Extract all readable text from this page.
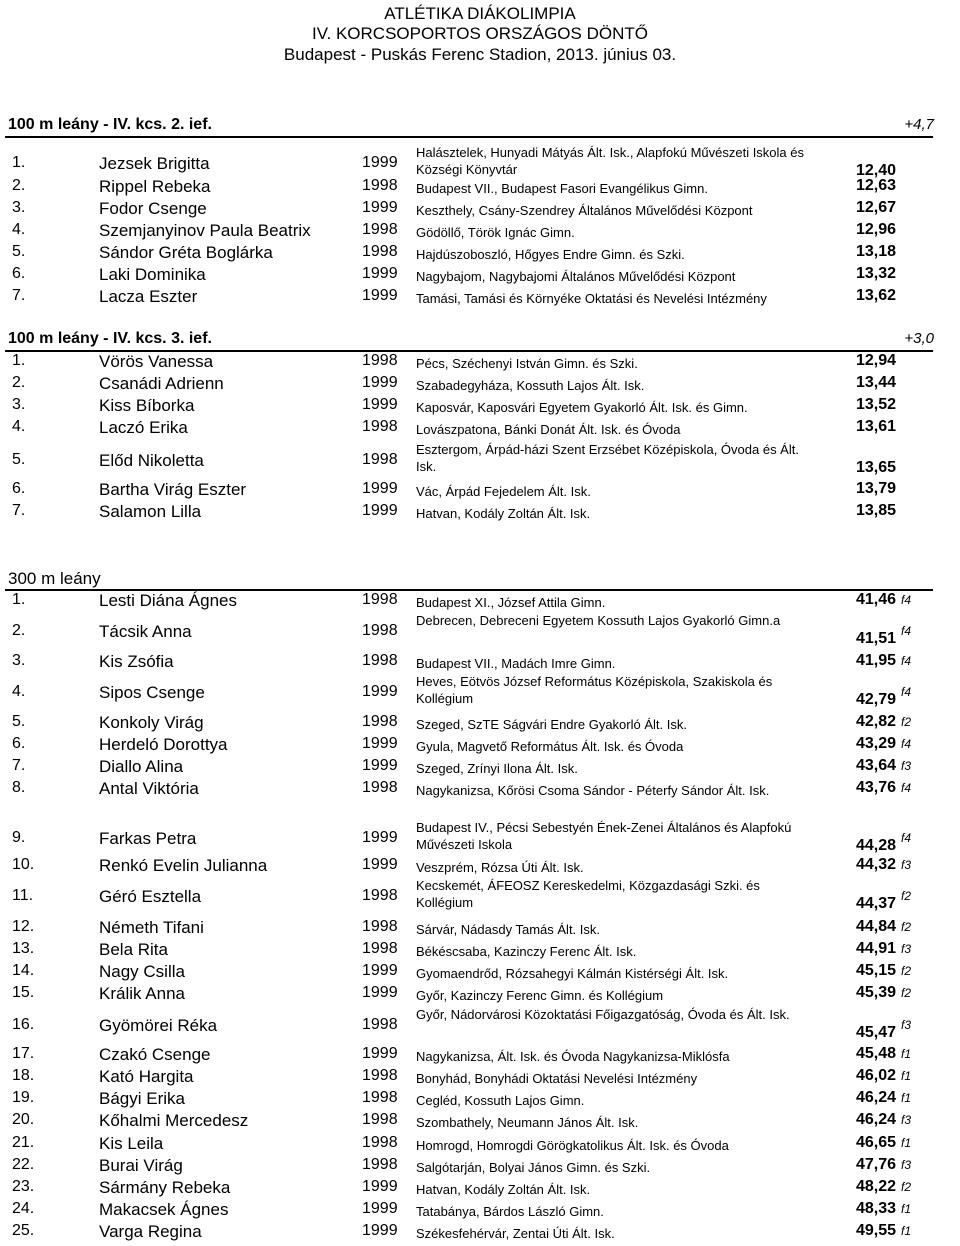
ATLÉTIKA DIÁKOLIMPIA
IV. KORCSOPORTOS ORSZÁGOS DÖNTŐ
Budapest - Puskás Ferenc Stadion, 2013. június 03.
100 m leány - IV. kcs. 2. ief.	+4,7
1.	Jezsek Brigitta	1999
Halásztelek, Hunyadi Mátyás Ált. Isk., Alapfokú Művészeti Iskola és Községi Könyvtár	12,40
2.	Rippel Rebeka	1998 Budapest VII., Budapest Fasori Evangélikus Gimn.	12,63
3.	Fodor Csenge	1999 Keszthely, Csány-Szendrey Általános Művelődési Központ	12,67
4.	Szemjanyinov Paula Beatrix	1998 Gödöllő, Török Ignác Gimn.	12,96
5.	Sándor Gréta Boglárka	1998 Hajdúszoboszló, Hőgyes Endre Gimn. és Szki.	13,18
6.	Laki Dominika	1999 Nagybajom, Nagybajomi Általános Művelődési Központ	13,32
7.	Lacza Eszter	1999 Tamási, Tamási és Környéke Oktatási és Nevelési Intézmény	13,62
100 m leány - IV. kcs. 3. ief.	+3,0
1.	Vörös Vanessa	1998 Pécs, Széchenyi István Gimn. és Szki.	12,94
2.	Csanádi Adrienn	1999 Szabadegyháza, Kossuth Lajos Ált. Isk.	13,44
3.	Kiss Bíborka	1999 Kaposvár, Kaposvári Egyetem Gyakorló Ált. Isk. és Gimn.	13,52
4.	Laczó Erika	1998 Lovászpatona, Bánki Donát Ált. Isk. és Óvoda	13,61
5.	Előd Nikoletta	1998
Esztergom, Árpád-házi Szent Erzsébet Középiskola, Óvoda és Ált. Isk.	13,65
6.	Bartha Virág Eszter	1999 Vác, Árpád Fejedelem Ált. Isk.	13,79
7.	Salamon Lilla	1999 Hatvan, Kodály Zoltán Ált. Isk.	13,85
300 m leány
1.	Lesti Diána Ágnes	1998 Budapest XI., József Attila Gimn.	41,46 f4
2.	Tácsik Anna	1998
Debrecen, Debreceni Egyetem Kossuth Lajos Gyakorló Gimn.a
41,51 f4
3.	Kis Zsófia	1998 Budapest VII., Madách Imre Gimn.	41,95 f4
4.	Sipos Csenge	1999
Heves, Eötvös József Református Középiskola, Szakiskola és Kollégium	42,79 f4
5.	Konkoly Virág	1998 Szeged, SzTE Ságvári Endre Gyakorló Ált. Isk.	42,82 f2
6.	Herdeló Dorottya	1999 Gyula, Magvető Református Ált. Isk. és Óvoda	43,29 f4
7.	Diallo Alina	1999 Szeged, Zrínyi Ilona Ált. Isk.	43,64 f3
8.	Antal Viktória	1998 Nagykanizsa, Kőrösi Csoma Sándor - Péterfy Sándor Ált. Isk.	43,76 f4
9.	Farkas Petra	1999
Budapest IV., Pécsi Sebestyén Ének-Zenei Általános és Alapfokú Művészeti Iskola	44,28 f4
10.	Renkó Evelin Julianna	1999 Veszprém, Rózsa Úti Ált. Isk.	44,32 f3
11.	Géró Esztella	1998
Kecskemét, ÁFEOSZ Kereskedelmi, Közgazdasági Szki. és Kollégium	44,37 f2
12.	Németh Tifani	1998 Sárvár, Nádasdy Tamás Ált. Isk.	44,84 f2
13.	Bela Rita	1998 Békéscsaba, Kazinczy Ferenc Ált. Isk.	44,91 f3
14.	Nagy Csilla	1999 Gyomaendrőd, Rózsahegyi Kálmán Kistérségi Ált. Isk.	45,15 f2
15.	Králik Anna	1999 Győr, Kazinczy Ferenc Gimn. és Kollégium	45,39 f2
16.	Gyömörei Réka	1998
Győr, Nádorvárosi Közoktatási Főigazgatóság, Óvoda és Ált. Isk.
45,47 f3
17.	Czakó Csenge	1999 Nagykanizsa, Ált. Isk. és Óvoda Nagykanizsa-Miklósfa	45,48 f1
18.	Kató Hargita	1998 Bonyhád, Bonyhádi Oktatási Nevelési Intézmény	46,02 f1
19.	Bágyi Erika	1998 Cegléd, Kossuth Lajos Gimn.	46,24 f1
20.	Kőhalmi Mercedesz	1998 Szombathely, Neumann János Ált. Isk.	46,24 f3
21.	Kis Leila	1998 Homrogd, Homrogdi Görögkatolikus Ált. Isk. és Óvoda	46,65 f1
22.	Burai Virág	1998 Salgótarján, Bolyai János Gimn. és Szki.	47,76 f3
23.	Sármány Rebeka	1999 Hatvan, Kodály Zoltán Ált. Isk.	48,22 f2
24.	Makacsek Ágnes	1999 Tatabánya, Bárdos László Gimn.	48,33 f1
25.	Varga Regina	1999 Székesfehérvár, Zentai Úti Ált. Isk.	49,55 f1
